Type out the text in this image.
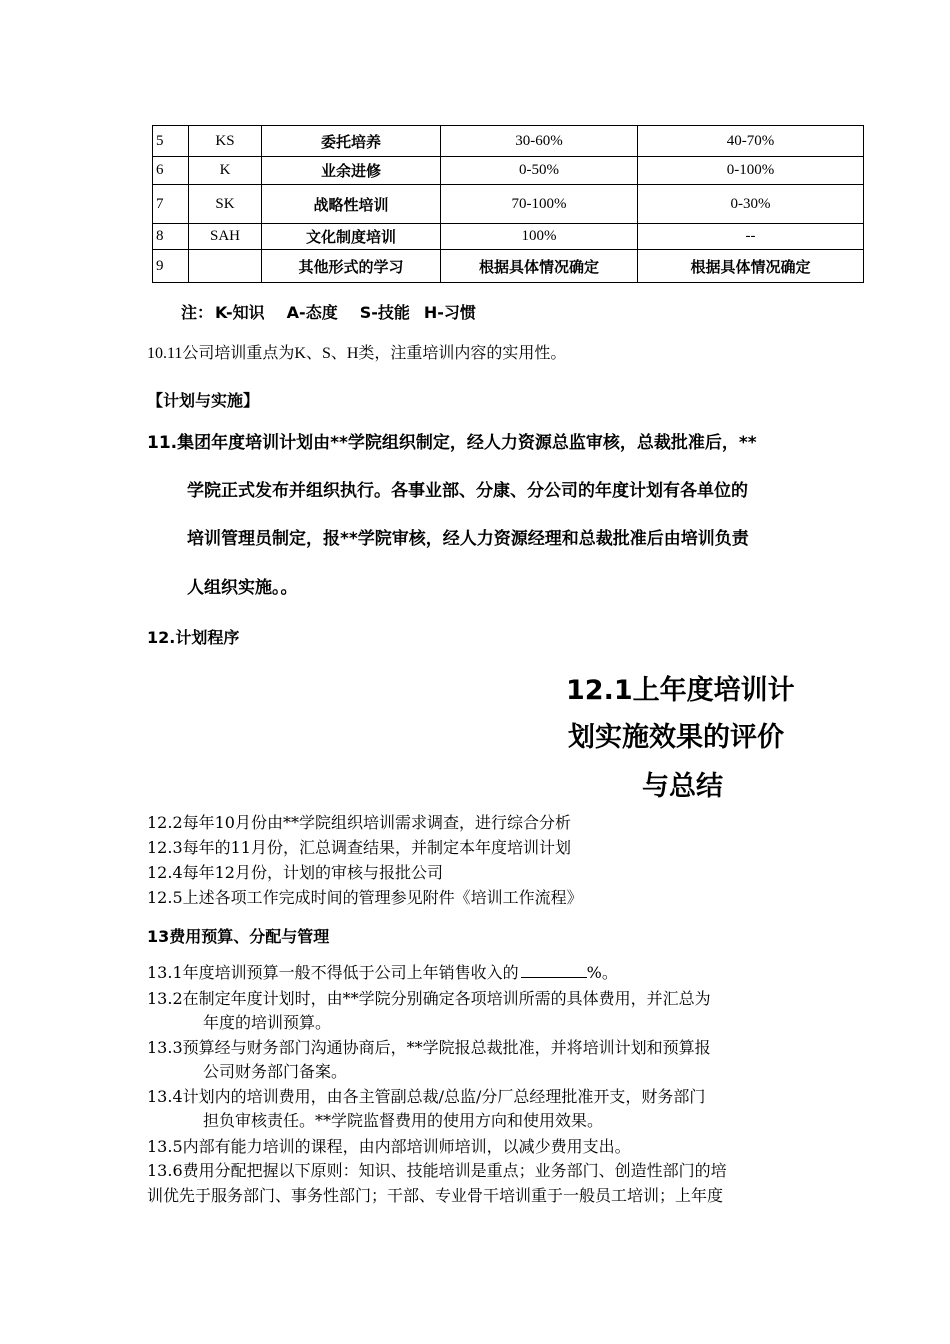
5	KS	委托培养	30-60%	40-70%
6	K	业余进修	0-50%	0-100%
7	SK	战略性培训	70-100%	0-30%
8	SAH	文化制度培训	100%	--
9		其他形式的学习	根据具体情况确定	根据具体情况确定
注： K-知识 A-态度 S-技能 H-习惯
10.11公司培训重点为K、S、H类，注重培训内容的实用性。
【计划与实施】
11.集团年度培训计划由**学院组织制定，经人力资源总监审核，总裁批准后，**
学院正式发布并组织执行。各事业部、分康、分公司的年度计划有各单位的
培训管理员制定，报**学院审核，经人力资源经理和总裁批准后由培训负责
人组织实施。。
12.计划程序
12.1上年度培训计
划实施效果的评价
与总结
12.2每年10月份由**学院组织培训需求调查，进行综合分析
12.3每年的11月份，汇总调查结果，并制定本年度培训计划
12.4每年12月份，计划的审核与报批公司
12.5上述各项工作完成时间的管理参见附件《培训工作流程》
13费用预算、分配与管理
13.1年度培训预算一般不得低于公司上年销售收入的	%。
13.2在制定年度计划时，由**学院分别确定各项培训所需的具体费用，并汇总为
年度的培训预算。
13.3预算经与财务部门沟通协商后，**学院报总裁批准，并将培训计划和预算报
公司财务部门备案。
13.4计划内的培训费用，由各主管副总裁/总监/分厂总经理批准开支，财务部门
担负审核责任。**学院监督费用的使用方向和使用效果。
13.5内部有能力培训的课程，由内部培训师培训，以减少费用支出。
13.6费用分配把握以下原则：知识、技能培训是重点；业务部门、创造性部门的培
训优先于服务部门、事务性部门；干部、专业骨干培训重于一般员工培训；上年度
